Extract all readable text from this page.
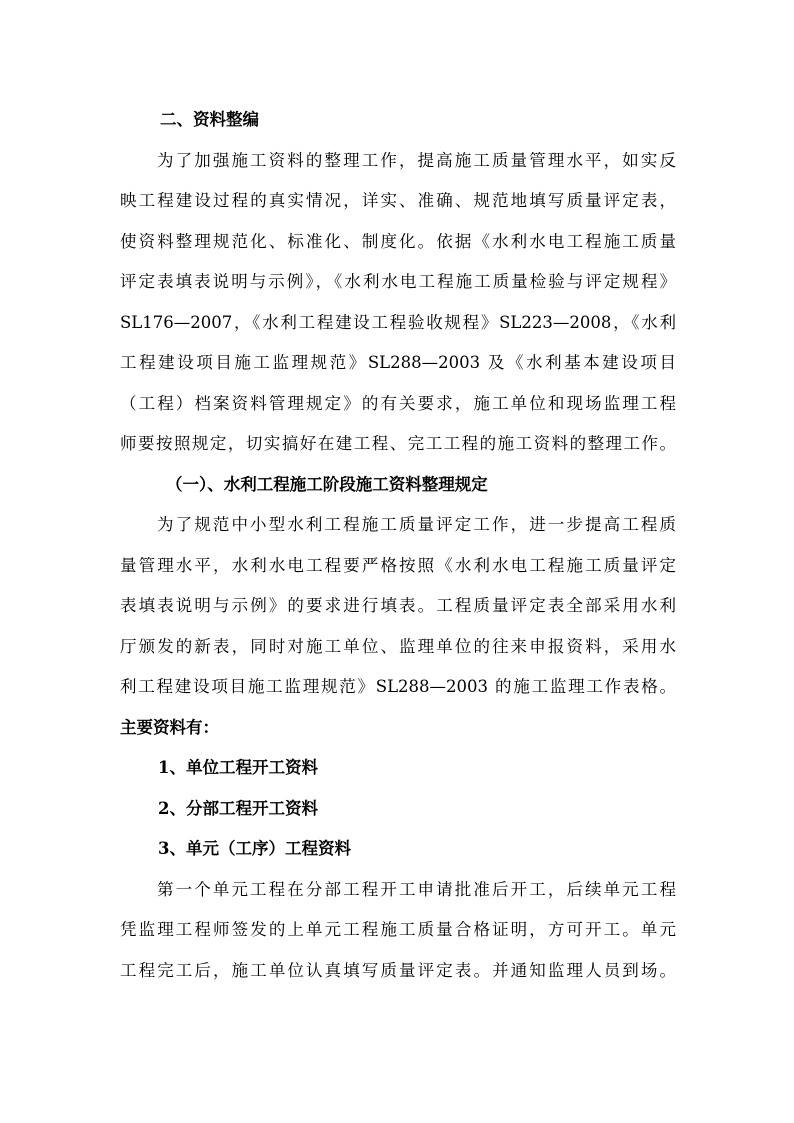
二、资料整编
为了加强施工资料的整理工作，提高施工质量管理水平，如实反
映工程建设过程的真实情况，详实、准确、规范地填写质量评定表，
使资料整理规范化、标准化、制度化。依据《水利水电工程施工质量
评定表填表说明与示例》，《水利水电工程施工质量检验与评定规程》
SL176—2007，《水利工程建设工程验收规程》SL223—2008，《水利
工程建设项目施工监理规范》SL288—2003 及《水利基本建设项目
（工程）档案资料管理规定》的有关要求，施工单位和现场监理工程
师要按照规定，切实搞好在建工程、完工工程的施工资料的整理工作。
（一）、水利工程施工阶段施工资料整理规定
为了规范中小型水利工程施工质量评定工作，进一步提高工程质
量管理水平，水利水电工程要严格按照《水利水电工程施工质量评定
表填表说明与示例》的要求进行填表。工程质量评定表全部采用水利
厅颁发的新表，同时对施工单位、监理单位的往来申报资料，采用水
利工程建设项目施工监理规范》SL288—2003 的施工监理工作表格。
主要资料有：
1、单位工程开工资料
2、分部工程开工资料
3、单元（工序）工程资料
第一个单元工程在分部工程开工申请批准后开工，后续单元工程
凭监理工程师签发的上单元工程施工质量合格证明，方可开工。单元
工程完工后，施工单位认真填写质量评定表。并通知监理人员到场。
